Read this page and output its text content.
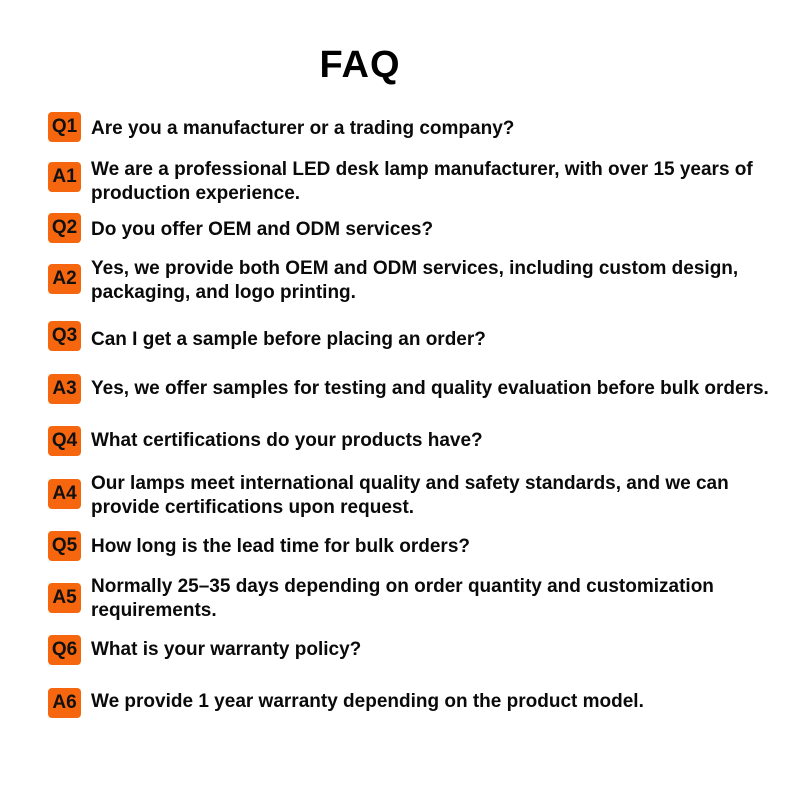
FAQ
Q1 Are you a manufacturer or a trading company?
A1 We are a professional LED desk lamp manufacturer, with over 15 years of production experience.
Q2 Do you offer OEM and ODM services?
A2 Yes, we provide both OEM and ODM services, including custom design, packaging, and logo printing.
Q3 Can I get a sample before placing an order?
A3 Yes, we offer samples for testing and quality evaluation before bulk orders.
Q4 What certifications do your products have?
A4 Our lamps meet international quality and safety standards, and we can provide certifications upon request.
Q5 How long is the lead time for bulk orders?
A5
Normally 25–35 days depending on order quantity and customization requirements.
Q6 What is your warranty policy?
A6 We provide 1 year warranty depending on the product model.
